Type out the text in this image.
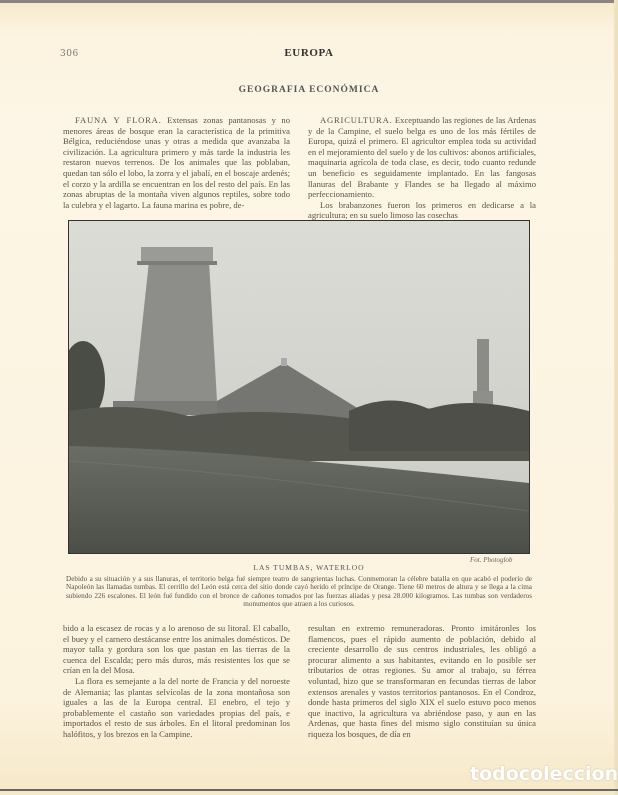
306	EUROPA
GEOGRAFIA ECONÓMICA

FAUNA Y FLORA. Extensas zonas pantanosas y no menores áreas de bosque eran la característica de la primitiva Bélgica, reduciéndose unas y otras a medida que avanzaba la civilización. La agricultura primero y más tarde la industria les restaron nuevos terrenos. De los animales que las poblaban, quedan tan sólo el lobo, la zorra y el jabalí, en el boscaje ardenés; el corzo y la ardilla se encuentran en los del resto del país. En las zonas abruptas de la montaña viven algunos reptiles, sobre todo la culebra y el lagarto. La fauna marina es pobre, de-

AGRICULTURA. Exceptuando las regiones de las Ardenas y de la Campine, el suelo belga es uno de los más fértiles de Europa, quizá el primero. El agricultor emplea toda su actividad en el mejoramiento del suelo y de los cultivos: abonos artificiales, maquinaria agrícola de toda clase, es decir, todo cuanto redunde un beneficio es seguidamente implantado. En las fangosas llanuras del Brabante y Flandes se ha llegado al máximo perfeccionamiento.

Los brabanzones fueron los primeros en dedicarse a la agricultura; en su suelo limoso las cosechas

Fot. Photoglob
LAS TUMBAS, WATERLOO
Debido a su situación y a sus llanuras, el territorio belga fué siempre teatro de sangrientas luchas. Conmemoran la célebre batalla en que acabó el poderío de Napoleón las llamadas tumbas. El cerrillo del León está cerca del sitio donde cayó herido el príncipe de Orange. Tiene 60 metros de altura y se llega a la cima subiendo 226 escalones. El león fué fundido con el bronce de cañones tomados por las fuerzas aliadas y pesa 28.000 kilogramos. Las tumbas son verdaderos monumentos que atraen a los curiosos.

bido a la escasez de rocas y a lo arenoso de su litoral. El caballo, el buey y el carnero destácanse entre los animales domésticos. De mayor talla y gordura son los que pastan en las tierras de la cuenca del Escalda; pero más duros, más resistentes los que se crían en la del Mosa.

La flora es semejante a la del norte de Francia y del noroeste de Alemania; las plantas selvícolas de la zona montañosa son iguales a las de la Europa central. El enebro, el tejo y probablemente el castaño son variedades propias del país, e importados el resto de sus árboles. En el litoral predominan los halófitos, y los brezos en la Campine.

resultan en extremo remuneradoras. Pronto imitáronles los flamencos, pues el rápido aumento de población, debido al creciente desarrollo de sus centros industriales, les obligó a procurar alimento a sus habitantes, evitando en lo posible ser tributarios de otras regiones. Su amor al trabajo, su férrea voluntad, hizo que se transformaran en fecundas tierras de labor extensos arenales y vastos territorios pantanosos. En el Condroz, donde hasta primeros del siglo XIX el suelo estuvo poco menos que inactivo, la agricultura va abriéndose paso, y aun en las Ardenas, que hasta fines del mismo siglo constituían su única riqueza los bosques, de día en

todocoleccion
